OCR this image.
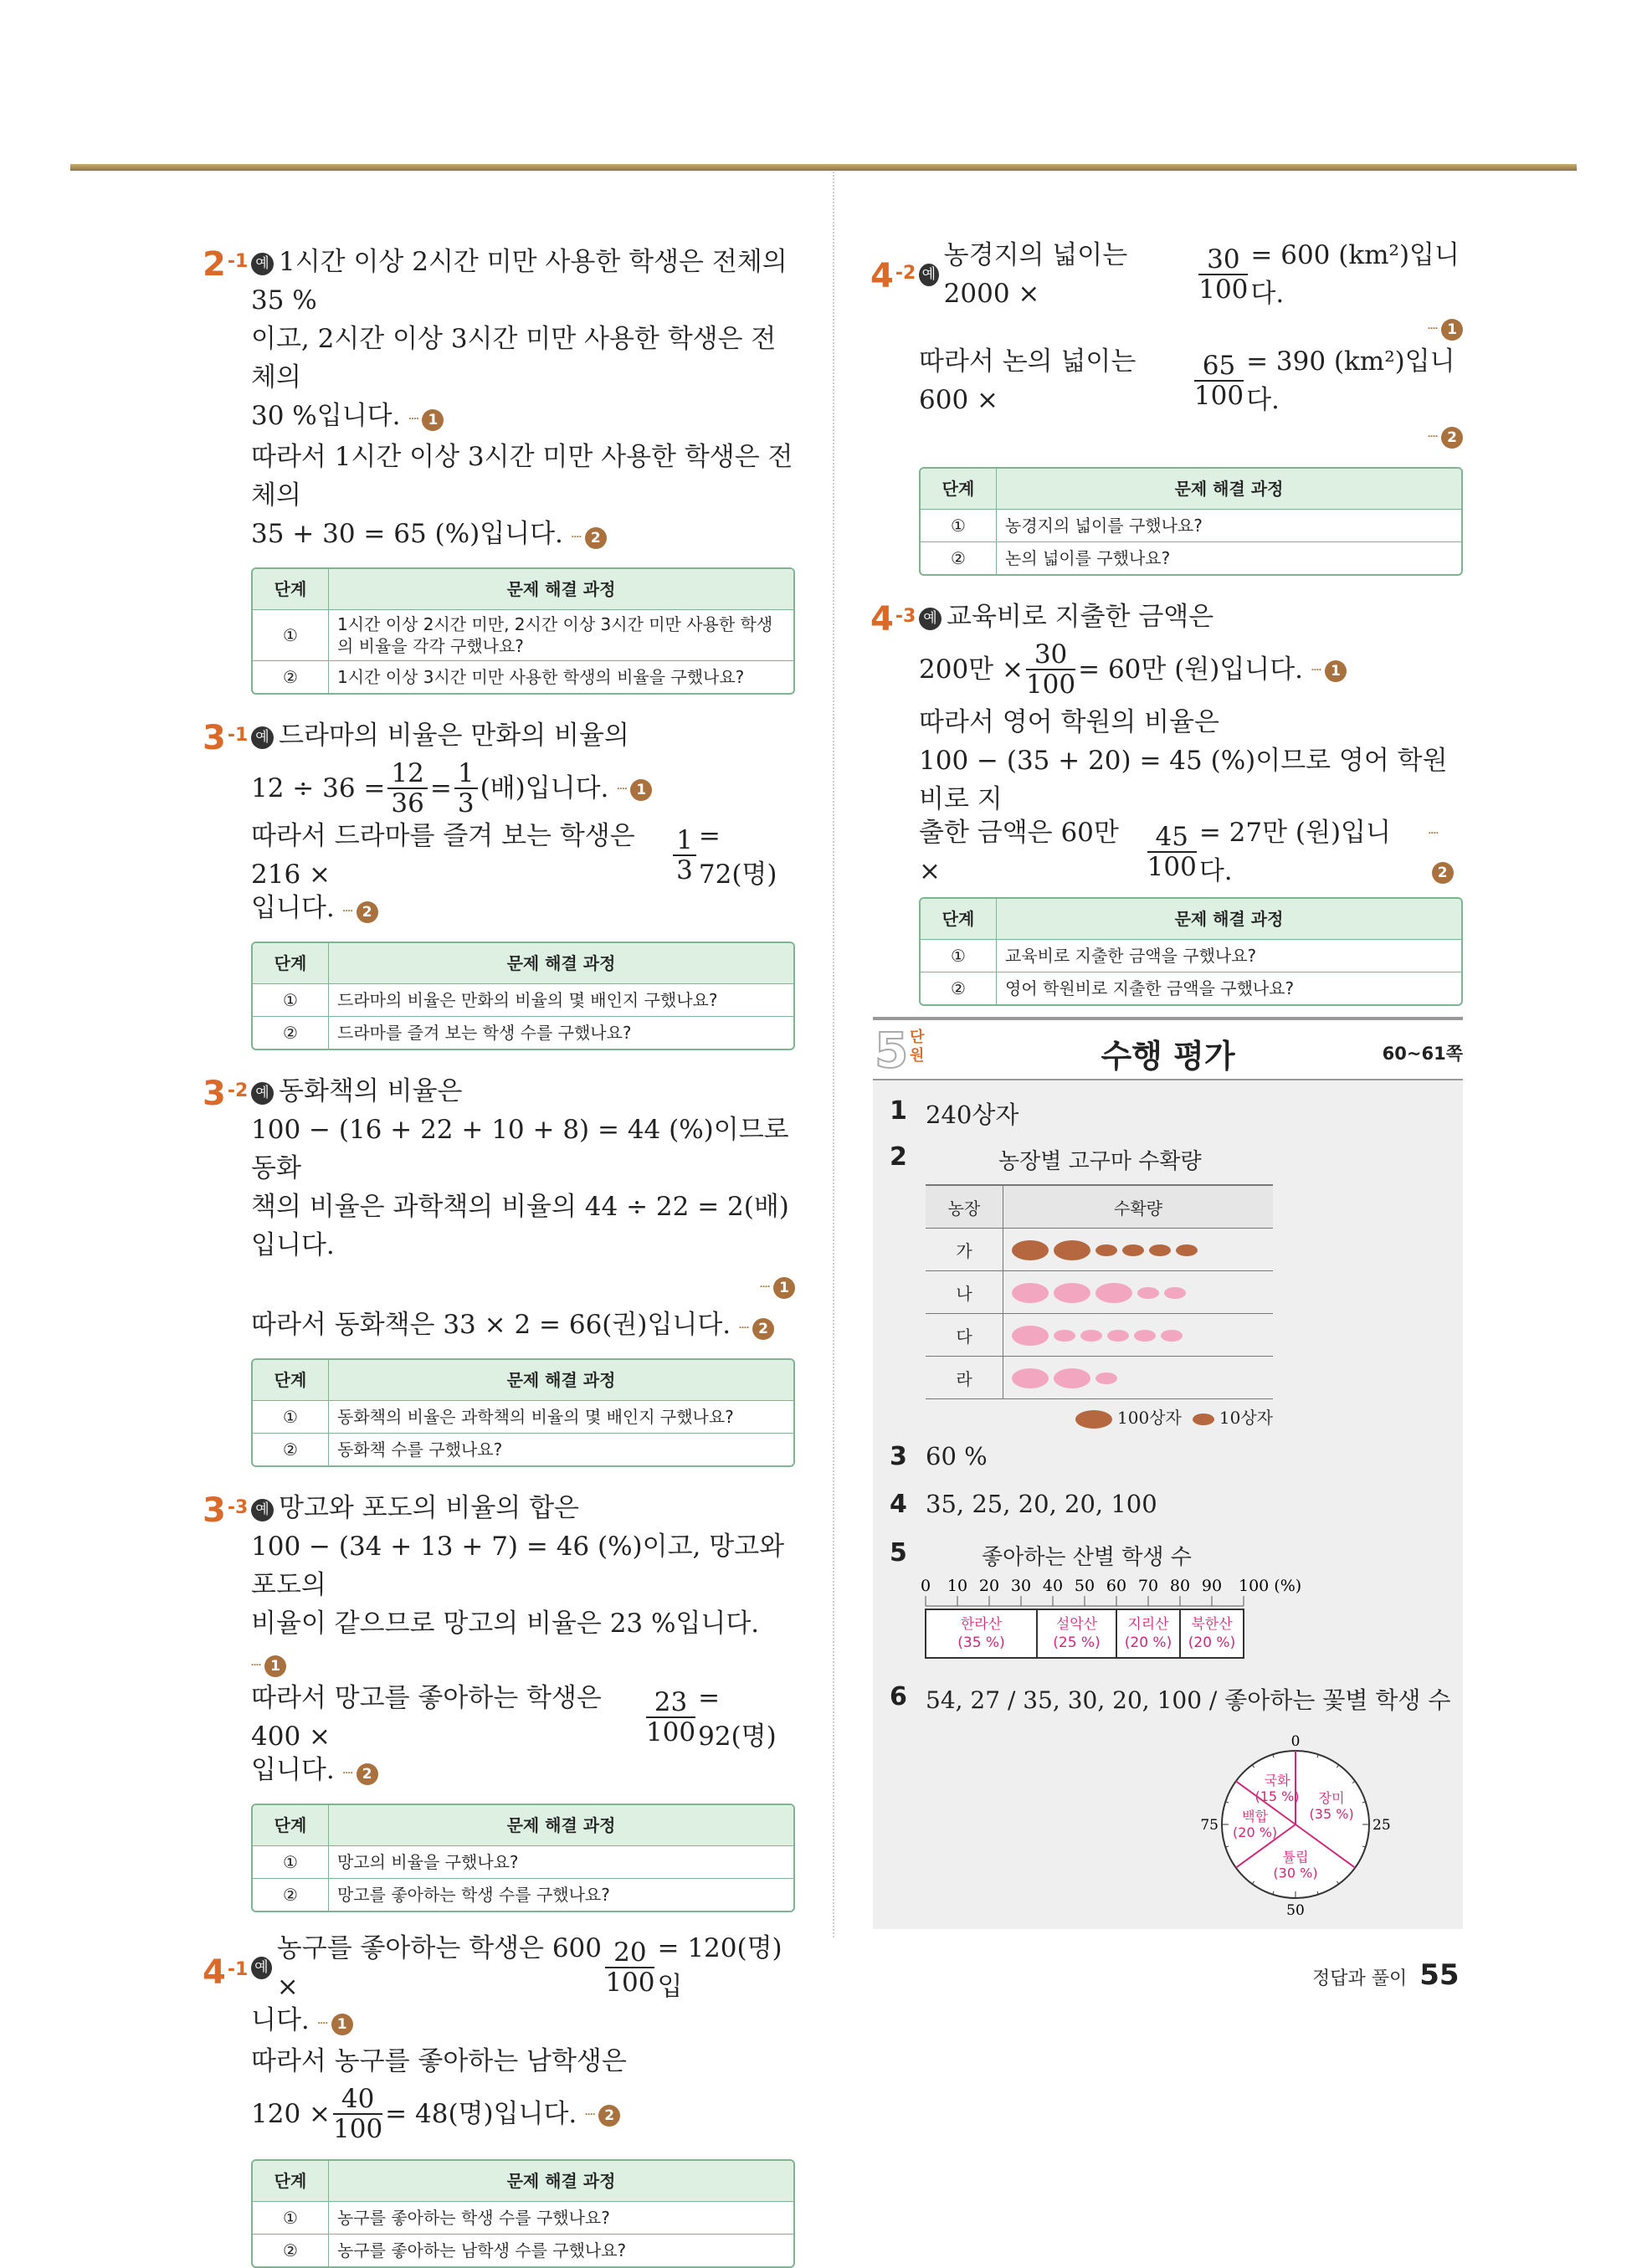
$2_{-1}$ 예 1시간 이상 2시간 미만 사용한 학생은 전체의 35 %
이고, 2시간 이상 3시간 미만 사용한 학생은 전체의
30 %입니다. ┈ 1
따라서 1시간 이상 3시간 미만 사용한 학생은 전체의
35 + 30 = 65 (%)입니다. ┈ 2
단계	문제 해결 과정
①	1시간 이상 2시간 미만, 2시간 이상 3시간 미만 사용한 학생의 비율을 각각 구했나요?
②	1시간 이상 3시간 미만 사용한 학생의 비율을 구했나요?
$3_{-1}$ 예 드라마의 비율은 만화의 비율의
$12 \div 36 = \frac{12}{36} = \frac{1}{3}$ (배)입니다.
┈ 1
따라서 드라마를 즐겨 보는 학생은 216 ×	$\frac{1}{3} = 72$(명)
입니다. ┈ 2
단계	문제 해결 과정
①	드라마의 비율은 만화의 비율의 몇 배인지 구했나요?
②	드라마를 즐겨 보는 학생 수를 구했나요?
$3_{-2}$ 예 동화책의 비율은
100 − (16 + 22 + 10 + 8) = 44 (%)이므로 동화
책의 비율은 과학책의 비율의 44 ÷ 22 = 2(배)입니다.
┈ 1
따라서 동화책은 33 × 2 = 66(권)입니다. ┈ 2
단계	문제 해결 과정
①	동화책의 비율은 과학책의 비율의 몇 배인지 구했나요?
②	동화책 수를 구했나요?
$3_{-3}$ 예 망고와 포도의 비율의 합은
100 − (34 + 13 + 7) = 46 (%)이고, 망고와 포도의
비율이 같으므로 망고의 비율은 23 %입니다. ┈ 1
따라서 망고를 좋아하는 학생은 400 ×	$\frac{23}{100} = 92$(명)
입니다. ┈ 2
단계	문제 해결 과정
①	망고의 비율을 구했나요?
②	망고를 좋아하는 학생 수를 구했나요?
$4_{-1}$ 예
농구를 좋아하는 학생은 600 ×	$\frac{20}{100} = 120$(명)입
니다. ┈ 1
따라서 농구를 좋아하는 남학생은
$120 \times \frac{40}{100} = 48$(명)입니다.
┈ 2
단계	문제 해결 과정
①	농구를 좋아하는 학생 수를 구했나요?
②	농구를 좋아하는 남학생 수를 구했나요?
$4_{-2}$ 예
농경지의 넓이는 2000 ×	$\frac{30}{100} = 600$ (km²)입니다.
┈ 1
따라서 논의 넓이는 600 ×	$\frac{65}{100} = 390$ (km²)입니다.
┈ 2
단계	문제 해결 과정
①	농경지의 넓이를 구했나요?
②	논의 넓이를 구했나요?
$4_{-3}$ 예 교육비로 지출한 금액은
200만 × $\frac{30}{100} = 60$만 (원)입니다.
┈ 1
따라서 영어 학원의 비율은
100 − (35 + 20) = 45 (%)이므로 영어 학원비로 지
출한 금액은 60만 ×	$\frac{45}{100} = 27$만 (원)입니다.

┈2
단계	문제 해결 과정
①	교육비로 지출한 금액을 구했나요?
②	영어 학원비로 지출한 금액을 구했나요?
5 단
원	수행 평가	60~61쪽
1 240상자
2	농장별 고구마 수확량
농장	수확량
가	
나	
다	
라	
100상자 10상자
3 60 %
4 35, 25, 20, 20, 100
5	좋아하는 산별 학생 수
0 10 20 30 40 50 60 70 80 90 100 (%)
한라산
(35 %)
설악산
(25 %)
지리산
(20 %)
북한산
(20 %)
6 54, 27 / 35, 30, 20, 100 / 좋아하는 꽃별 학생 수
장미
(35 %)
튤립
(30 %)
백합
(20 %)
국화
(15 %)
0
25
50
75
정답과 풀이 55
